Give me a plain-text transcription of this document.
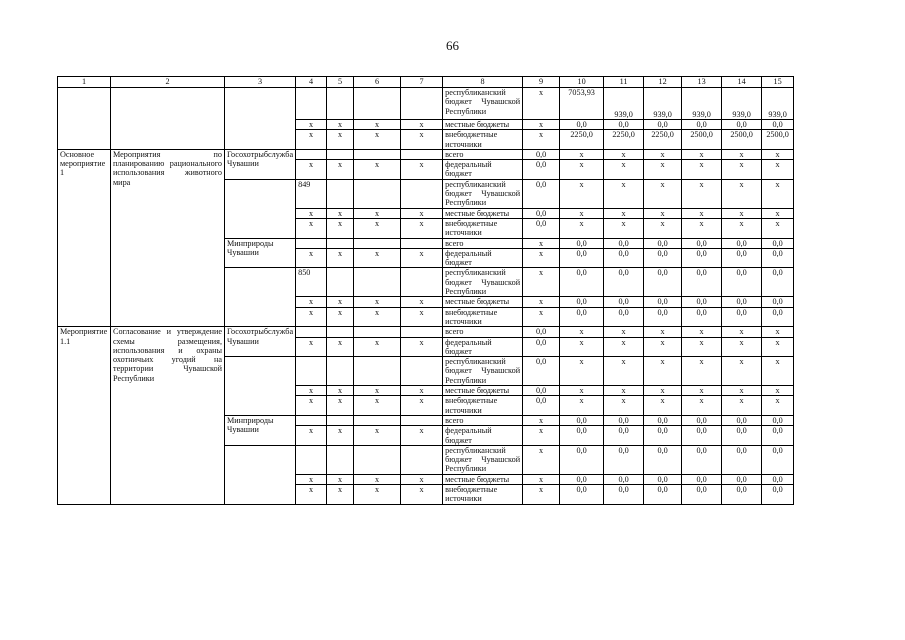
66
1	2	3	4	5	6	7	8	9	10	11	12	13	14	15
							республиканский бюджет Чувашской Республики	х	7053,93	939,0	939,0	939,0	939,0	939,0
			х	х	х	х	местные бюджеты	х	0,0	0,0	0,0	0,0	0,0	0,0
			х	х	х	х	внебюджетные источники	х	2250,0	2250,0	2250,0	2500,0	2500,0	2500,0
Основное мероприятие 1	Мероприятия по планированию рационального использования животного мира	Госохотрыбслужба Чувашии					всего	0,0	х	х	х	х	х	х
			х	х	х	х	федеральный бюджет	0,0	х	х	х	х	х	х
			849				республиканский бюджет Чувашской Республики	0,0	х	х	х	х	х	х
			х	х	х	х	местные бюджеты	0,0	х	х	х	х	х	х
			х	х	х	х	внебюджетные источники	0,0	х	х	х	х	х	х
		Минприроды Чувашии					всего	х	0,0	0,0	0,0	0,0	0,0	0,0
			х	х	х	х	федеральный бюджет	х	0,0	0,0	0,0	0,0	0,0	0,0
			850				республиканский бюджет Чувашской Республики	х	0,0	0,0	0,0	0,0	0,0	0,0
			х	х	х	х	местные бюджеты	х	0,0	0,0	0,0	0,0	0,0	0,0
			х	х	х	х	внебюджетные источники	х	0,0	0,0	0,0	0,0	0,0	0,0
Мероприятие 1.1	Согласование и утверждение схемы размещения, использования и охраны охотничьих угодий на территории Чувашской Республики	Госохотрыбслужба Чувашии					всего	0,0	х	х	х	х	х	х
			х	х	х	х	федеральный бюджет	0,0	х	х	х	х	х	х
							республиканский бюджет Чувашской Республики	0,0	х	х	х	х	х	х
			х	х	х	х	местные бюджеты	0,0	х	х	х	х	х	х
			х	х	х	х	внебюджетные источники	0,0	х	х	х	х	х	х
		Минприроды Чувашии					всего	х	0,0	0,0	0,0	0,0	0,0	0,0
			х	х	х	х	федеральный бюджет	х	0,0	0,0	0,0	0,0	0,0	0,0
							республиканский бюджет Чувашской Республики	х	0,0	0,0	0,0	0,0	0,0	0,0
			х	х	х	х	местные бюджеты	х	0,0	0,0	0,0	0,0	0,0	0,0
			х	х	х	х	внебюджетные источники	х	0,0	0,0	0,0	0,0	0,0	0,0
